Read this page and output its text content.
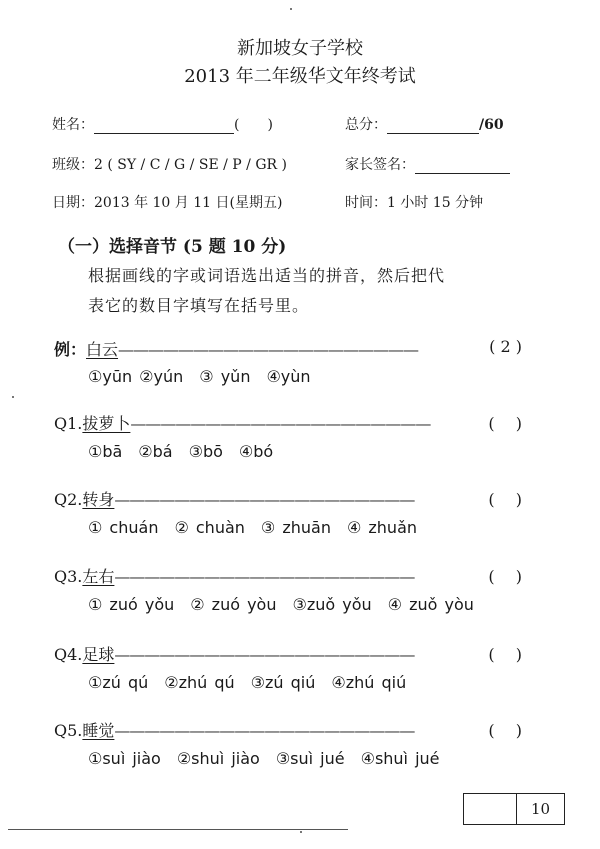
新加坡女子学校
2013 年二年级华文年终考试
姓名：	(　　)	总分：	/60
班级：2 ( SY / C / G / SE / P / GR )	家长签名：
日期：2013 年 10 月 11 日(星期五)	时间：1 小时 15 分钟
（一）选择音节 (5 题 10 分)
根据画线的字或词语选出适当的拼音，然后把代
表它的数目字填写在括号里。
例：白云————————————————————	( 2 )
①yūn ②yún　③ yǔn　④yùn
Q1.拔萝卜————————————————————	(　 )
①bā　②bá　③bō　④bó
Q2.转身————————————————————	(　 )
① chuán　② chuàn　③ zhuān　④ zhuǎn
Q3.左右————————————————————	(　 )
① zuó yǒu　② zuó yòu　③zuǒ yǒu　④ zuǒ yòu
Q4.足球————————————————————	(　 )
①zú qú　②zhú qú　③zú qiú　④zhú qiú
Q5.睡觉————————————————————	(　 )
①suì jiào　②shuì jiào　③suì jué　④shuì jué
10
